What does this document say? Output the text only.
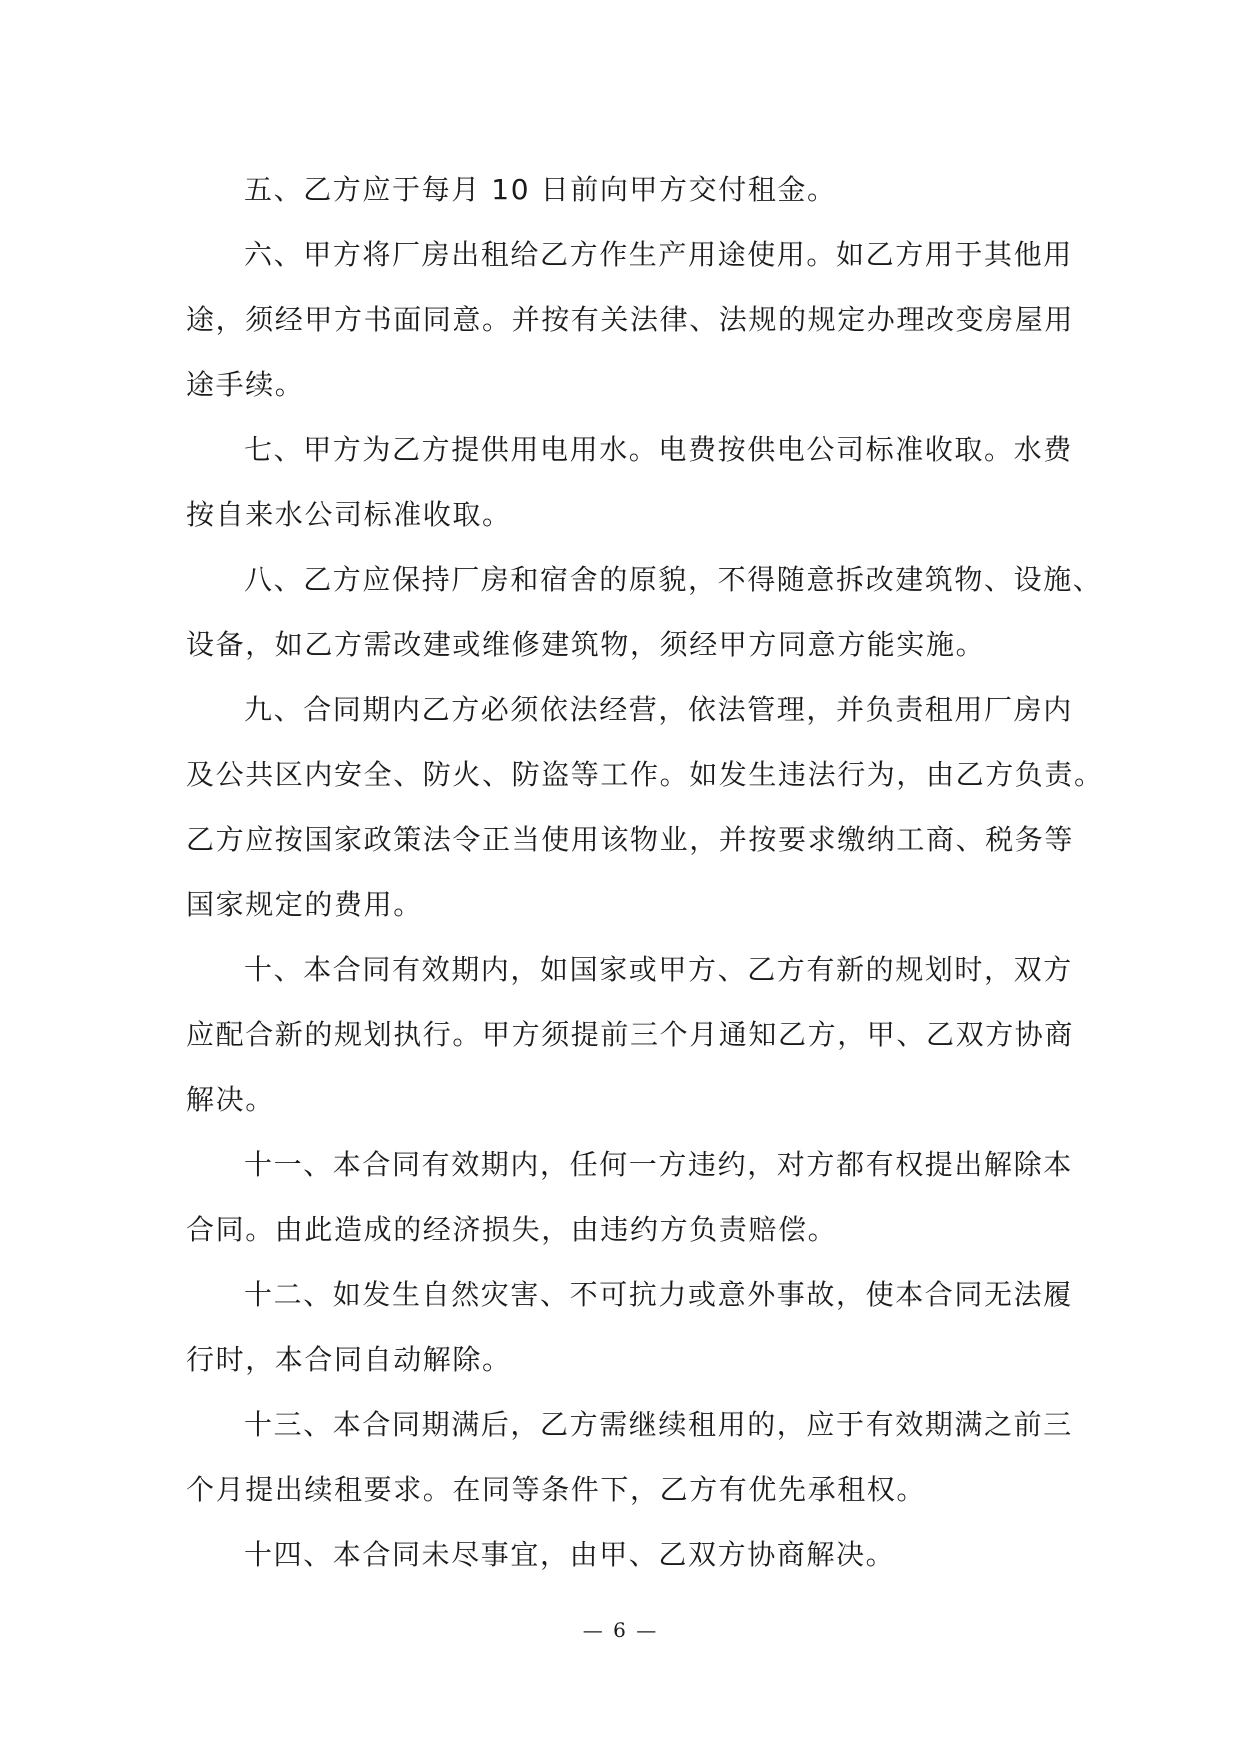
五、乙方应于每月 10 日前向甲方交付租金。

六、甲方将厂房出租给乙方作生产用途使用。如乙方用于其他用
途，须经甲方书面同意。并按有关法律、法规的规定办理改变房屋用
途手续。

七、甲方为乙方提供用电用水。电费按供电公司标准收取。水费
按自来水公司标准收取。

八、乙方应保持厂房和宿舍的原貌，不得随意拆改建筑物、设施、
设备，如乙方需改建或维修建筑物，须经甲方同意方能实施。

九、合同期内乙方必须依法经营，依法管理，并负责租用厂房内
及公共区内安全、防火、防盗等工作。如发生违法行为，由乙方负责。
乙方应按国家政策法令正当使用该物业，并按要求缴纳工商、税务等
国家规定的费用。

十、本合同有效期内，如国家或甲方、乙方有新的规划时，双方
应配合新的规划执行。甲方须提前三个月通知乙方，甲、乙双方协商
解决。

十一、本合同有效期内，任何一方违约，对方都有权提出解除本
合同。由此造成的经济损失，由违约方负责赔偿。

十二、如发生自然灾害、不可抗力或意外事故，使本合同无法履
行时，本合同自动解除。

十三、本合同期满后，乙方需继续租用的，应于有效期满之前三
个月提出续租要求。在同等条件下，乙方有优先承租权。

十四、本合同未尽事宜，由甲、乙双方协商解决。

— 6 —
